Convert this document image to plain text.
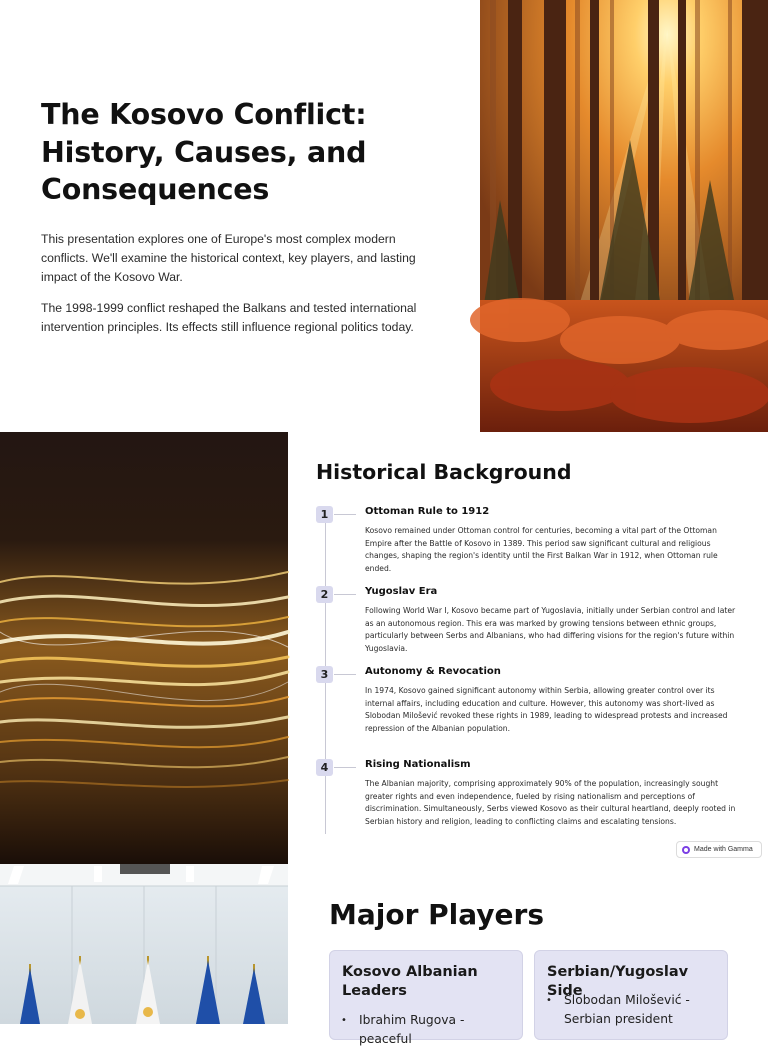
The Kosovo Conflict: History, Causes, and Consequences

This presentation explores one of Europe's most complex modern conflicts. We'll examine the historical context, key players, and lasting impact of the Kosovo War.

The 1998-1999 conflict reshaped the Balkans and tested international intervention principles. Its effects still influence regional politics today.

Historical Background
1	Ottoman Rule to 1912
Kosovo remained under Ottoman control for centuries, becoming a vital part of the Ottoman Empire after the Battle of Kosovo in 1389. This period saw significant cultural and religious changes, shaping the region's identity until the First Balkan War in 1912, when Ottoman rule ended.
2	Yugoslav Era
Following World War I, Kosovo became part of Yugoslavia, initially under Serbian control and later as an autonomous region. This era was marked by growing tensions between ethnic groups, particularly between Serbs and Albanians, who had differing visions for the region's future within Yugoslavia.
3	Autonomy & Revocation
In 1974, Kosovo gained significant autonomy within Serbia, allowing greater control over its internal affairs, including education and culture. However, this autonomy was short-lived as Slobodan Milošević revoked these rights in 1989, leading to widespread protests and increased repression of the Albanian population.
4	Rising Nationalism
The Albanian majority, comprising approximately 90% of the population, increasingly sought greater rights and even independence, fueled by rising nationalism and perceptions of discrimination. Simultaneously, Serbs viewed Kosovo as their cultural heartland, deeply rooted in Serbian history and religion, leading to conflicting claims and escalating tensions.
Made with Gamma
Major Players
Kosovo Albanian Leaders
• Ibrahim Rugova - peaceful
Serbian/Yugoslav Side
• Slobodan Milošević - Serbian president
